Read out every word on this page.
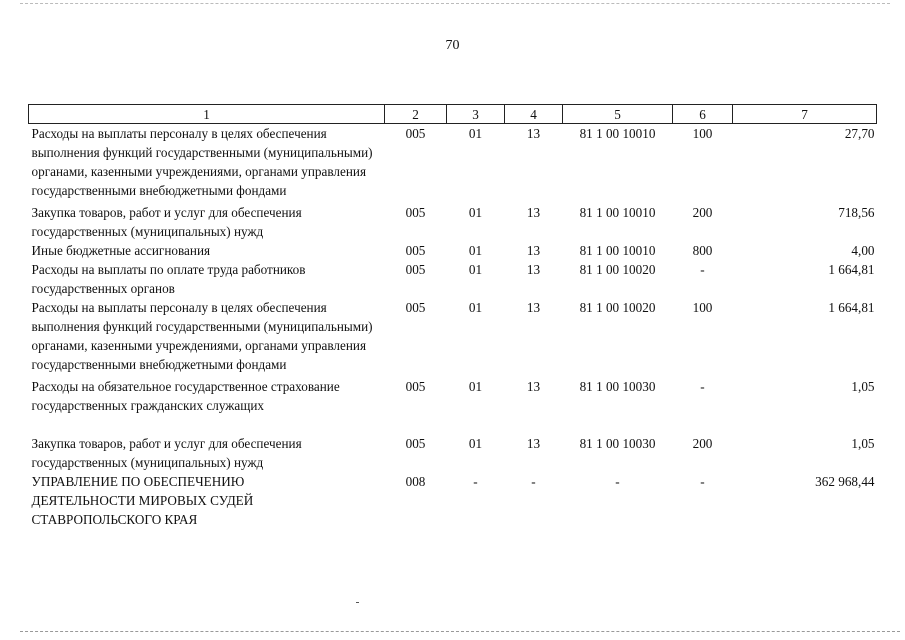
70
1	2	3	4	5	6	7
Расходы на выплаты персоналу в целях обеспечения выполнения функций государственными (муниципальными) органами, казенными учреждениями, органами управления государственными внебюджетными фондами	005	01	13	81 1 00 10010	100	27,70
Закупка товаров, работ и услуг для обеспечения государственных (муниципальных) нужд	005	01	13	81 1 00 10010	200	718,56
Иные бюджетные ассигнования	005	01	13	81 1 00 10010	800	4,00
Расходы на выплаты по оплате труда работников государственных органов	005	01	13	81 1 00 10020	-	1 664,81
Расходы на выплаты персоналу в целях обеспечения выполнения функций государственными (муниципальными) органами, казенными учреждениями, органами управления государственными внебюджетными фондами	005	01	13	81 1 00 10020	100	1 664,81
Расходы на обязательное государственное страхование государственных гражданских служащих	005	01	13	81 1 00 10030	-	1,05
Закупка товаров, работ и услуг для обеспечения государственных (муниципальных) нужд	005	01	13	81 1 00 10030	200	1,05
УПРАВЛЕНИЕ ПО ОБЕСПЕЧЕНИЮ ДЕЯТЕЛЬНОСТИ МИРОВЫХ СУДЕЙ СТАВРОПОЛЬСКОГО КРАЯ	008	-	-	-	-	362 968,44
